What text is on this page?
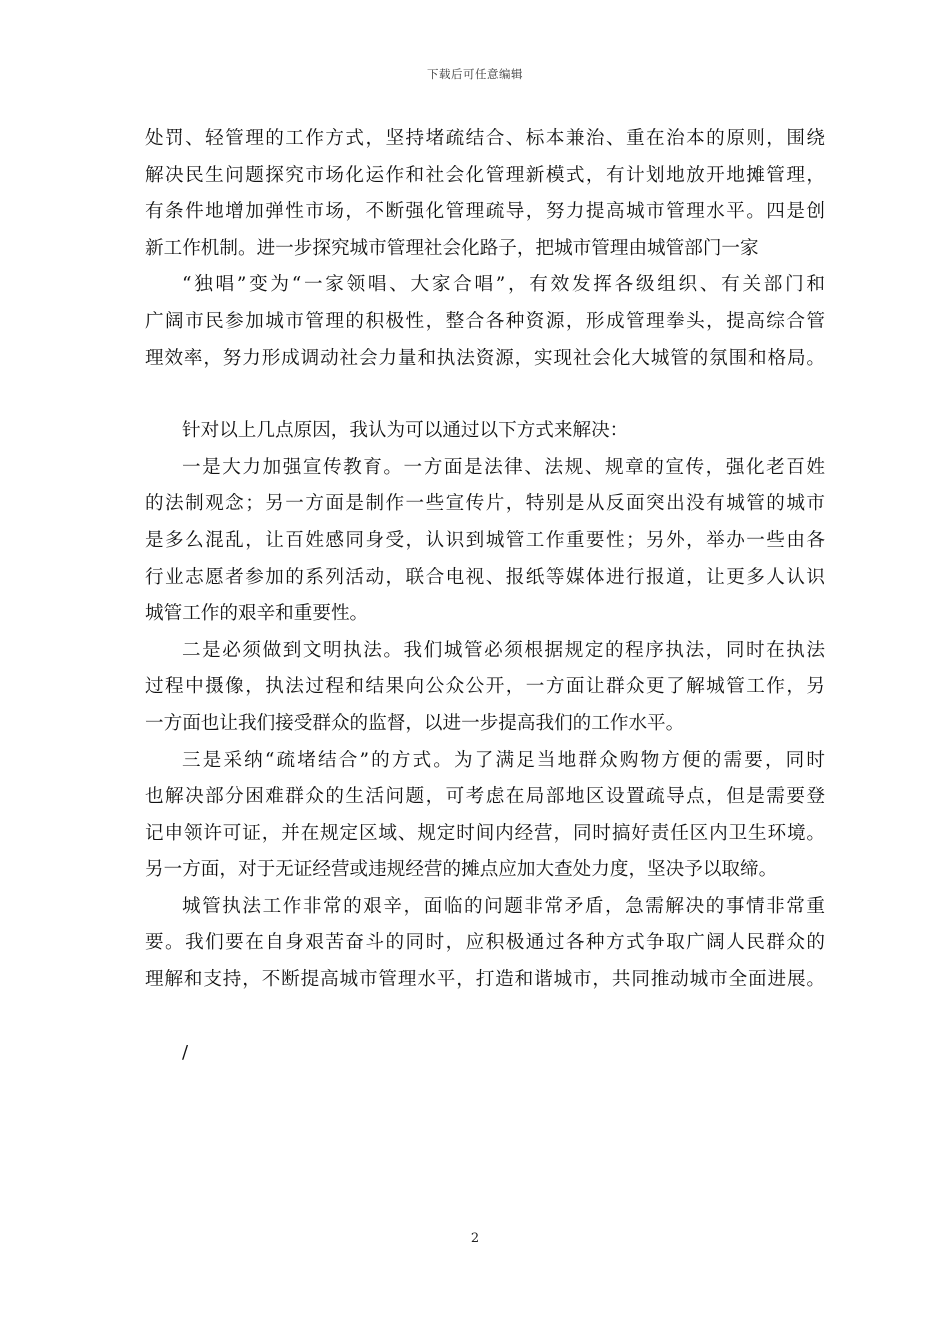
下载后可任意编辑
处罚、轻管理的工作方式，坚持堵疏结合、标本兼治、重在治本的原则，围绕
解决民生问题探究市场化运作和社会化管理新模式，有计划地放开地摊管理，
有条件地增加弹性市场，不断强化管理疏导，努力提高城市管理水平。四是创
新工作机制。进一步探究城市管理社会化路子，把城市管理由城管部门一家
“独唱”变为“一家领唱、大家合唱”，有效发挥各级组织、有关部门和
广阔市民参加城市管理的积极性，整合各种资源，形成管理拳头，提高综合管
理效率，努力形成调动社会力量和执法资源，实现社会化大城管的氛围和格局。
针对以上几点原因，我认为可以通过以下方式来解决：
一是大力加强宣传教育。一方面是法律、法规、规章的宣传，强化老百姓
的法制观念；另一方面是制作一些宣传片，特别是从反面突出没有城管的城市
是多么混乱，让百姓感同身受，认识到城管工作重要性；另外，举办一些由各
行业志愿者参加的系列活动，联合电视、报纸等媒体进行报道，让更多人认识
城管工作的艰辛和重要性。
二是必须做到文明执法。我们城管必须根据规定的程序执法，同时在执法
过程中摄像，执法过程和结果向公众公开，一方面让群众更了解城管工作，另
一方面也让我们接受群众的监督，以进一步提高我们的工作水平。
三是采纳“疏堵结合”的方式。为了满足当地群众购物方便的需要，同时
也解决部分困难群众的生活问题，可考虑在局部地区设置疏导点，但是需要登
记申领许可证，并在规定区域、规定时间内经营，同时搞好责任区内卫生环境。
另一方面，对于无证经营或违规经营的摊点应加大查处力度，坚决予以取缔。
城管执法工作非常的艰辛，面临的问题非常矛盾，急需解决的事情非常重
要。我们要在自身艰苦奋斗的同时，应积极通过各种方式争取广阔人民群众的
理解和支持，不断提高城市管理水平，打造和谐城市，共同推动城市全面进展。
/
2
